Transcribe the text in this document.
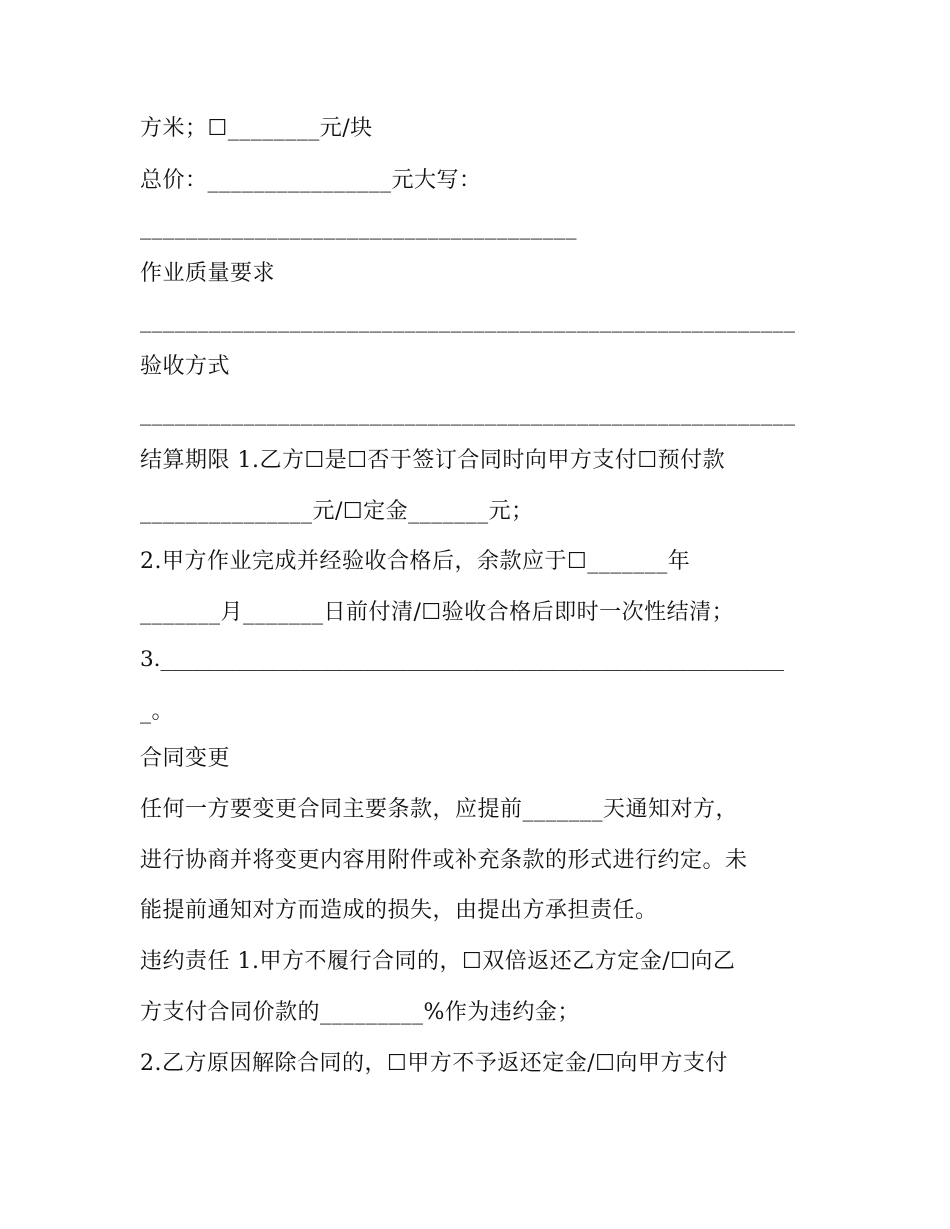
方米；☐________元/块
总价：________________元大写：
______________________________________
作业质量要求
_________________________________________________________
验收方式
_________________________________________________________
结算期限 1.乙方☐是☐否于签订合同时向甲方支付☐预付款
_______________元/☐定金_______元；
2.甲方作业完成并经验收合格后，余款应于☐_______年
_______月_______日前付清/☐验收合格后即时一次性结清；
3.__________________________________________________________
_。
合同变更
任何一方要变更合同主要条款，应提前_______天通知对方，
进行协商并将变更内容用附件或补充条款的形式进行约定。未
能提前通知对方而造成的损失，由提出方承担责任。
违约责任 1.甲方不履行合同的，☐双倍返还乙方定金/☐向乙
方支付合同价款的_________%作为违约金；
2.乙方原因解除合同的，☐甲方不予返还定金/☐向甲方支付
